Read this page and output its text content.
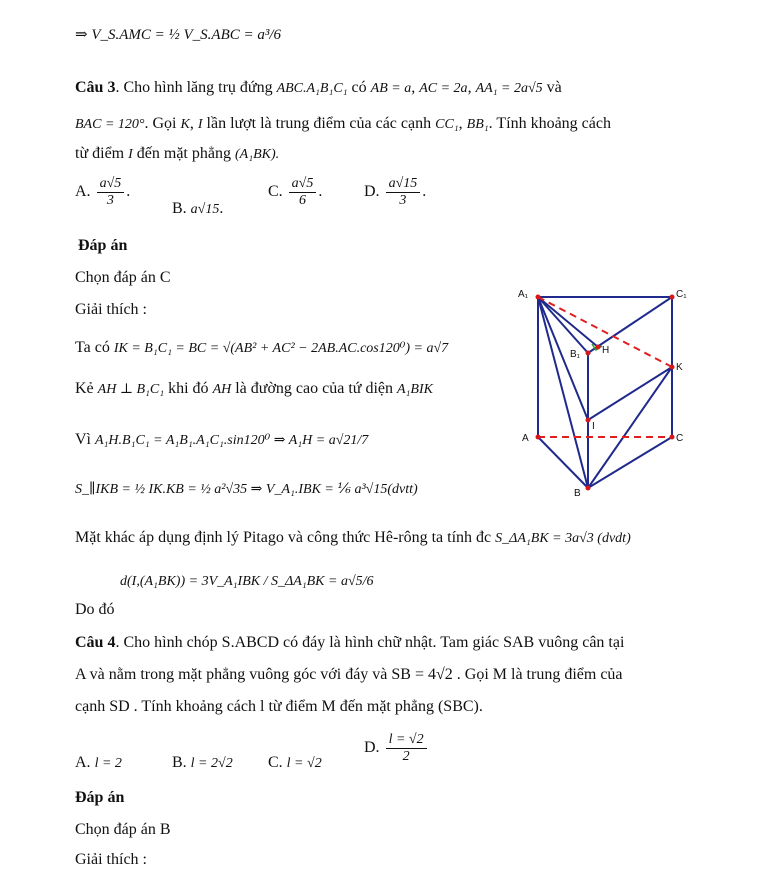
⇒ V_S.AMC = ½ V_S.ABC = a³/6
Câu 3. Cho hình lăng trụ đứng ABC.A₁B₁C₁ có AB = a, AC = 2a, AA₁ = 2a√5 và
BAC = 120°. Gọi K, I lần lượt là trung điểm của các cạnh CC₁, BB₁. Tính khoảng cách
từ điểm I đến mặt phẳng (A₁BK).
A. $\frac{a√5}{3}$ .
B. a√15.
C. $\frac{a√5}{6}$ .	D. $\frac{a√15}{3}$ .
Đáp án
Chọn đáp án C
Giải thích :
Ta có IK = B₁C₁ = BC = √(AB² + AC² − 2AB.AC.cos120⁰) = a√7
Kẻ AH ⊥ B₁C₁ khi đó AH là đường cao của tứ diện A₁BIK
Vì A₁H.B₁C₁ = A₁B₁.A₁C₁.sin120⁰ ⇒ A₁H = a√21/7
S_∥IKB = ½ IK.KB = ½ a²√35 ⇒ V_A₁.IBK = ⅙ a³√15(dvtt)
Mặt khác áp dụng định lý Pitago và công thức Hê-rông ta tính đc S_ΔA₁BK = 3a√3 (dvdt)
d(I,(A₁BK)) = 3V_A₁IBK / S_ΔA₁BK = a√5/6
Do đó
A₁	C₁
B₁ H
K
I
A	C
B
Câu 4. Cho hình chóp S.ABCD có đáy là hình chữ nhật. Tam giác SAB vuông cân tại
A và nằm trong mặt phẳng vuông góc với đáy và SB = 4√2 . Gọi M là trung điểm của
cạnh SD . Tính khoảng cách l từ điểm M đến mặt phẳng (SBC).
A. l = 2	B. l = 2√2 C. l = √2
D. $\frac{l = √2}{2}$
Đáp án
Chọn đáp án B
Giải thích :
